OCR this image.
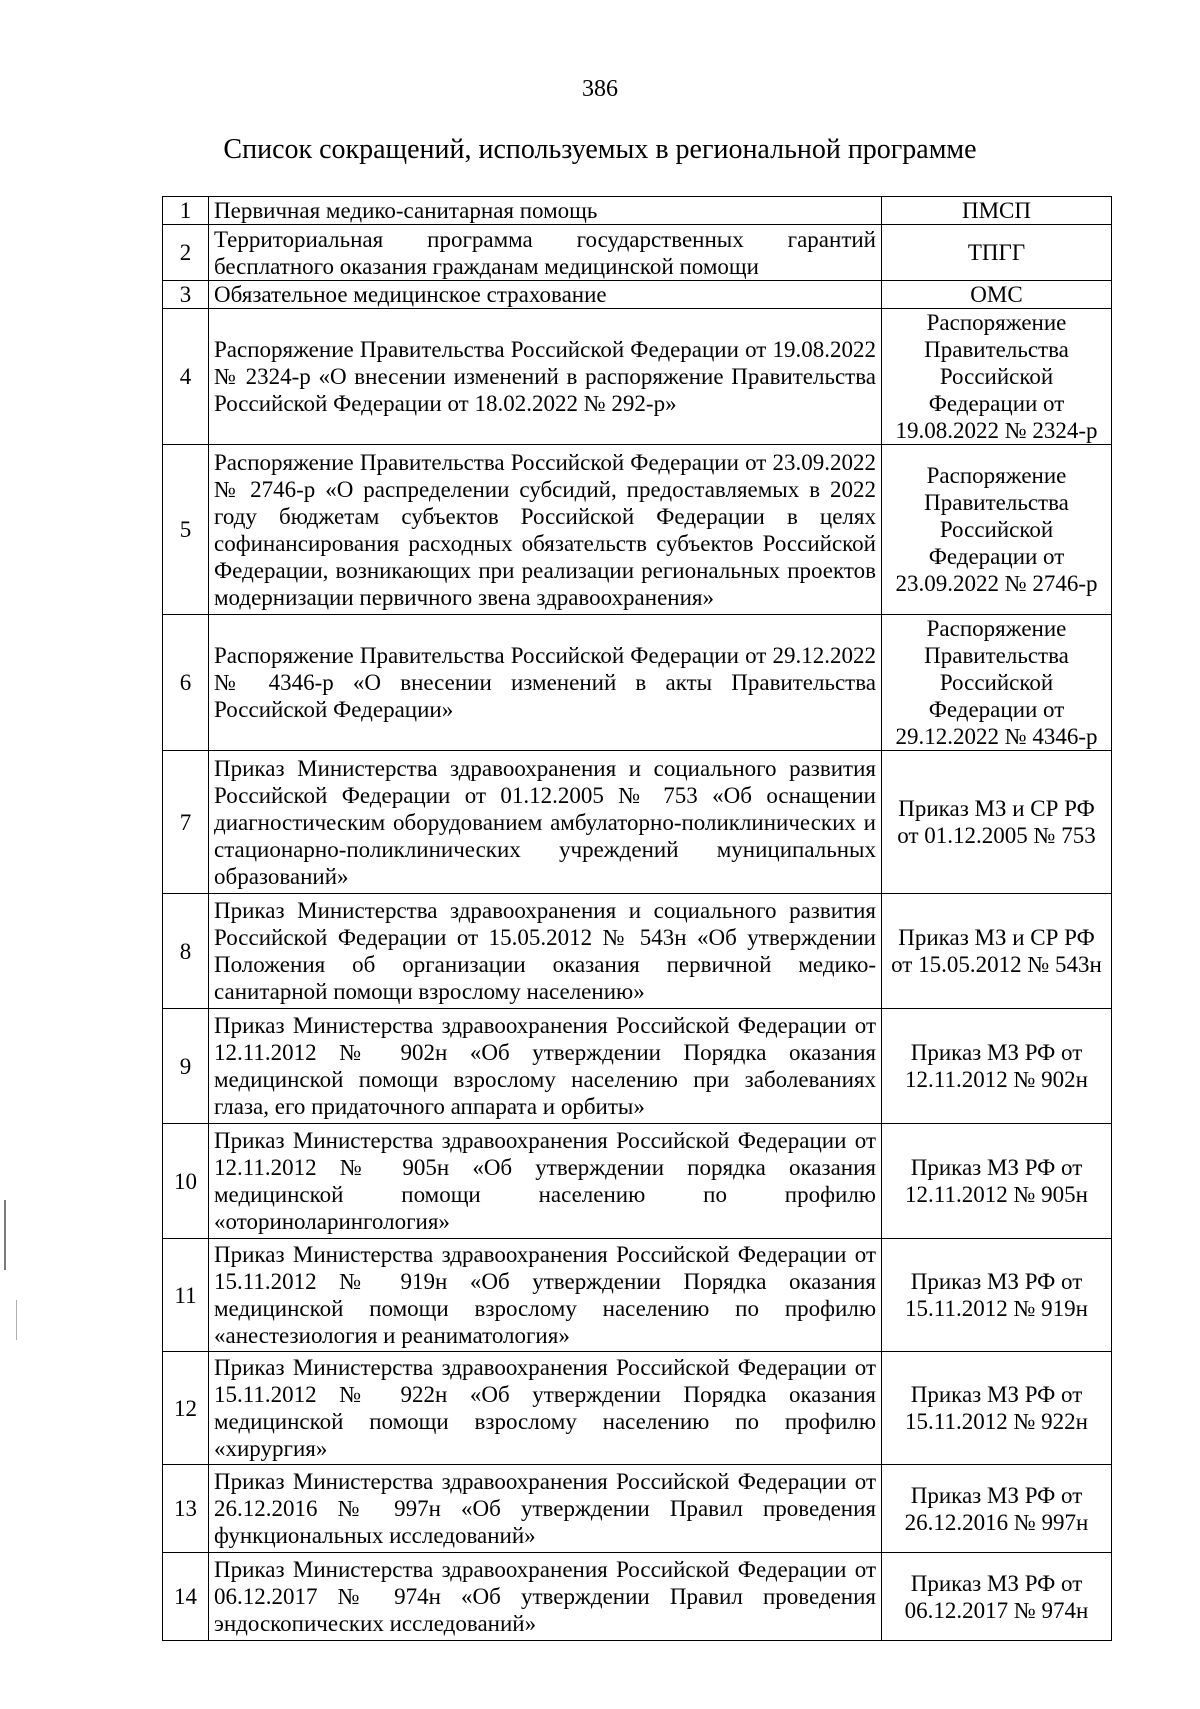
386
Список сокращений, используемых в региональной программе
1	Первичная медико-санитарная помощь	ПМСП
2	Территориальная программа государственных гарантий бесплатного оказания гражданам медицинской помощи	ТПГГ
3	Обязательное медицинское страхование	ОМС
4	Распоряжение Правительства Российской Федерации от 19.08.2022 № 2324-р «О внесении изменений в распоряжение Правительства Российской Федерации от 18.02.2022 № 292-р»	Распоряжение Правительства Российской Федерации от 19.08.2022 № 2324-р
5	Распоряжение Правительства Российской Федерации от 23.09.2022 № 2746-р «О распределении субсидий, предоставляемых в 2022 году бюджетам субъектов Российской Федерации в целях софинансирования расходных обязательств субъектов Российской Федерации, возникающих при реализации региональных проектов модернизации первичного звена здравоохранения»	Распоряжение Правительства Российской Федерации от 23.09.2022 № 2746-р
6	Распоряжение Правительства Российской Федерации от 29.12.2022 № 4346-р «О внесении изменений в акты Правительства Российской Федерации»	Распоряжение Правительства Российской Федерации от 29.12.2022 № 4346-р
7	Приказ Министерства здравоохранения и социального развития Российской Федерации от 01.12.2005 № 753 «Об оснащении диагностическим оборудованием амбулаторно-поликлинических и стационарно-поликлинических учреждений муниципальных образований»	Приказ МЗ и СР РФ от 01.12.2005 № 753
8	Приказ Министерства здравоохранения и социального развития Российской Федерации от 15.05.2012 № 543н «Об утверждении Положения об организации оказания первичной медико-санитарной помощи взрослому населению»	Приказ МЗ и СР РФ от 15.05.2012 № 543н
9	Приказ Министерства здравоохранения Российской Федерации от 12.11.2012 № 902н «Об утверждении Порядка оказания медицинской помощи взрослому населению при заболеваниях глаза, его придаточного аппарата и орбиты»	Приказ МЗ РФ от 12.11.2012 № 902н
10	Приказ Министерства здравоохранения Российской Федерации от 12.11.2012 № 905н «Об утверждении порядка оказания медицинской помощи населению по профилю «оториноларингология»	Приказ МЗ РФ от 12.11.2012 № 905н
11	Приказ Министерства здравоохранения Российской Федерации от 15.11.2012 № 919н «Об утверждении Порядка оказания медицинской помощи взрослому населению по профилю «анестезиология и реаниматология»	Приказ МЗ РФ от 15.11.2012 № 919н
12	Приказ Министерства здравоохранения Российской Федерации от 15.11.2012 № 922н «Об утверждении Порядка оказания медицинской помощи взрослому населению по профилю «хирургия»	Приказ МЗ РФ от 15.11.2012 № 922н
13	Приказ Министерства здравоохранения Российской Федерации от 26.12.2016 № 997н «Об утверждении Правил проведения функциональных исследований»	Приказ МЗ РФ от 26.12.2016 № 997н
14	Приказ Министерства здравоохранения Российской Федерации от 06.12.2017 № 974н «Об утверждении Правил проведения эндоскопических исследований»	Приказ МЗ РФ от 06.12.2017 № 974н
